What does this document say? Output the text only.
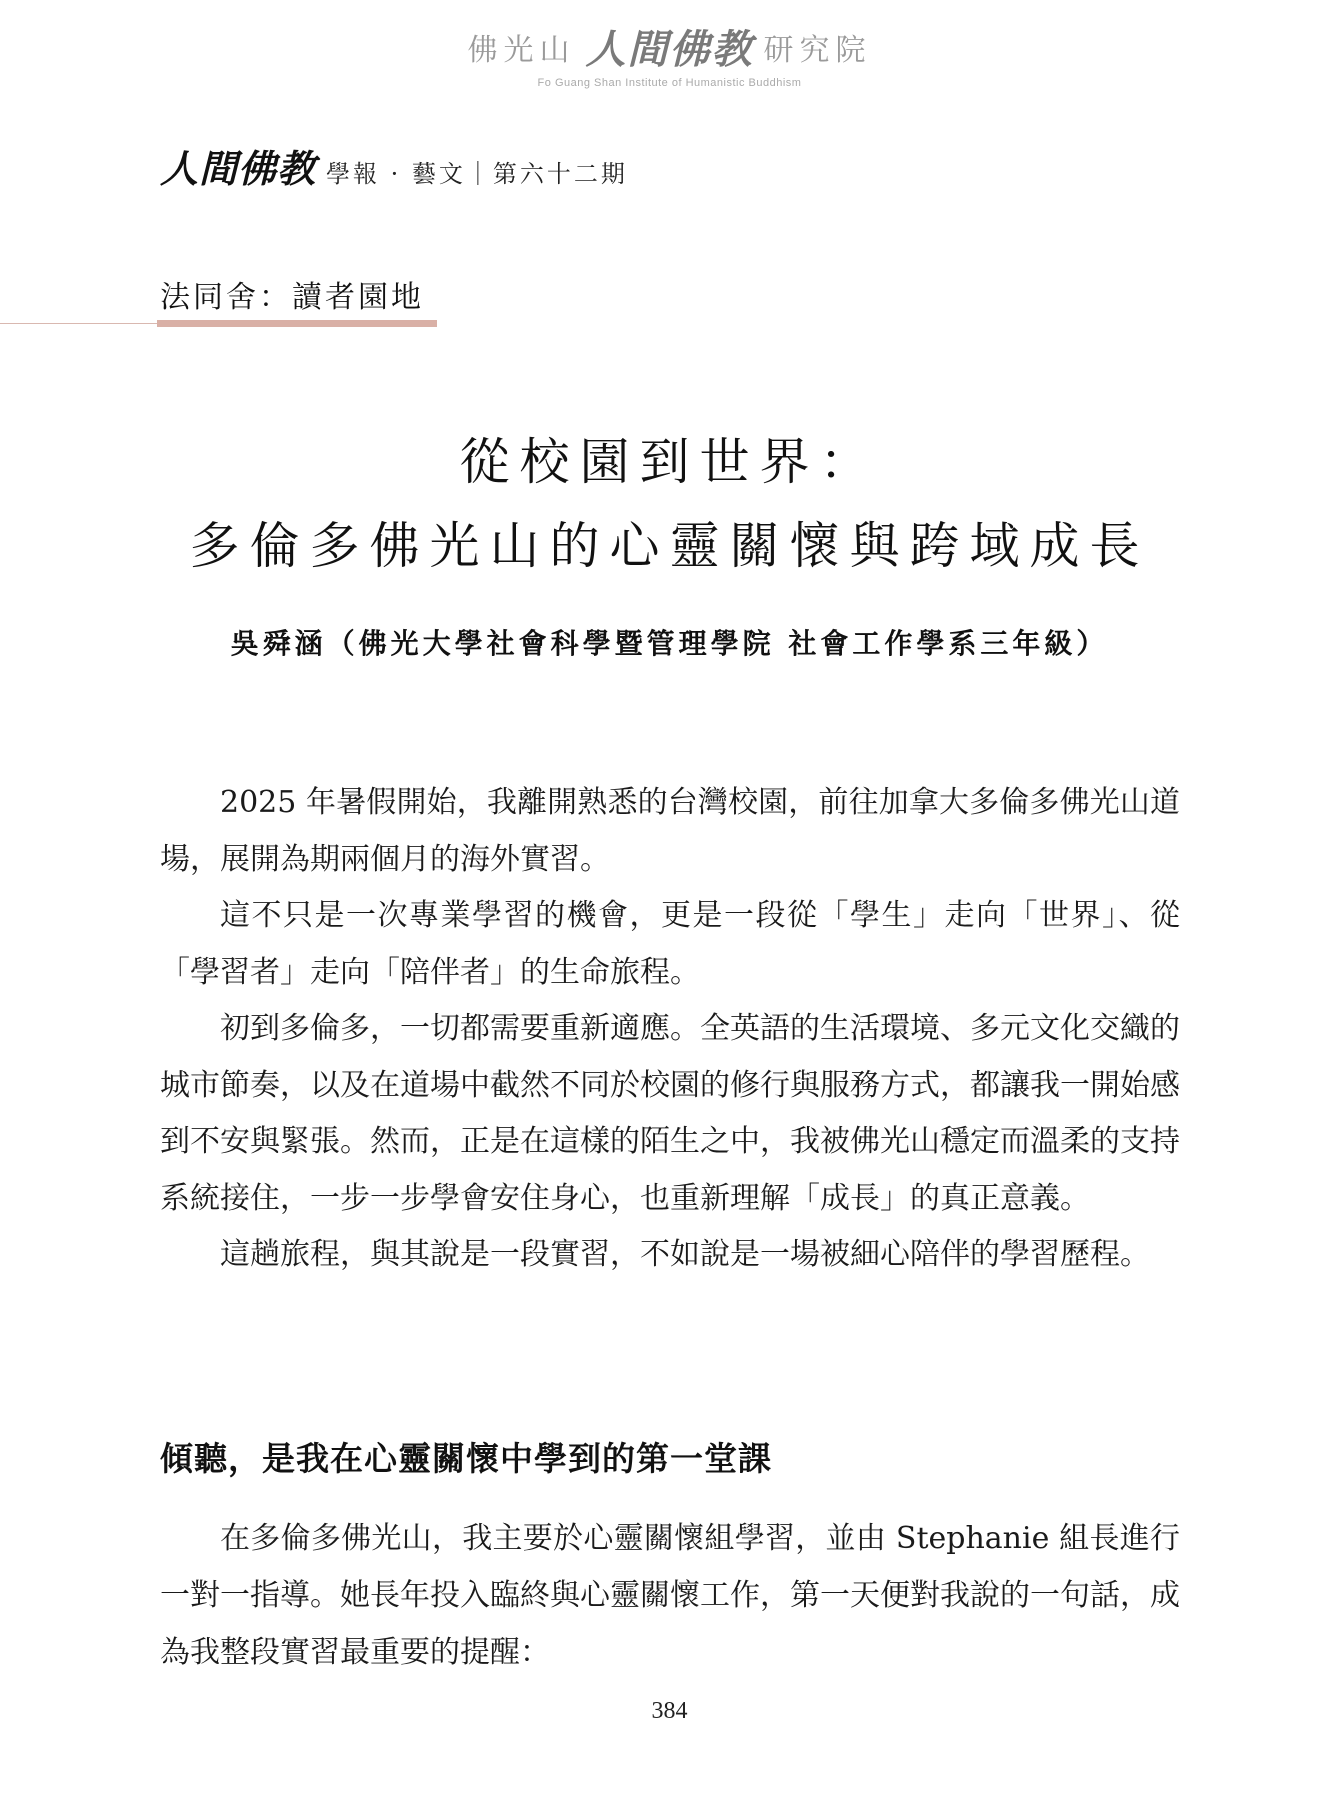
佛光山 人間佛教 研究院
Fo Guang Shan Institute of Humanistic Buddhism
人間佛教 學報 · 藝文｜第六十二期
法同舍：讀者園地
從校園到世界：
多倫多佛光山的心靈關懷與跨域成長
吳舜涵（佛光大學社會科學暨管理學院 社會工作學系三年級）

2025 年暑假開始，我離開熟悉的台灣校園，前往加拿大多倫多佛光山道場，展開為期兩個月的海外實習。

這不只是一次專業學習的機會，更是一段從「學生」走向「世界」、從「學習者」走向「陪伴者」的生命旅程。

初到多倫多，一切都需要重新適應。全英語的生活環境、多元文化交織的城市節奏，以及在道場中截然不同於校園的修行與服務方式，都讓我一開始感到不安與緊張。然而，正是在這樣的陌生之中，我被佛光山穩定而溫柔的支持系統接住，一步一步學會安住身心，也重新理解「成長」的真正意義。

這趟旅程，與其說是一段實習，不如說是一場被細心陪伴的學習歷程。

傾聽，是我在心靈關懷中學到的第一堂課

在多倫多佛光山，我主要於心靈關懷組學習，並由 Stephanie 組長進行一對一指導。她長年投入臨終與心靈關懷工作，第一天便對我說的一句話，成為我整段實習最重要的提醒：

384
